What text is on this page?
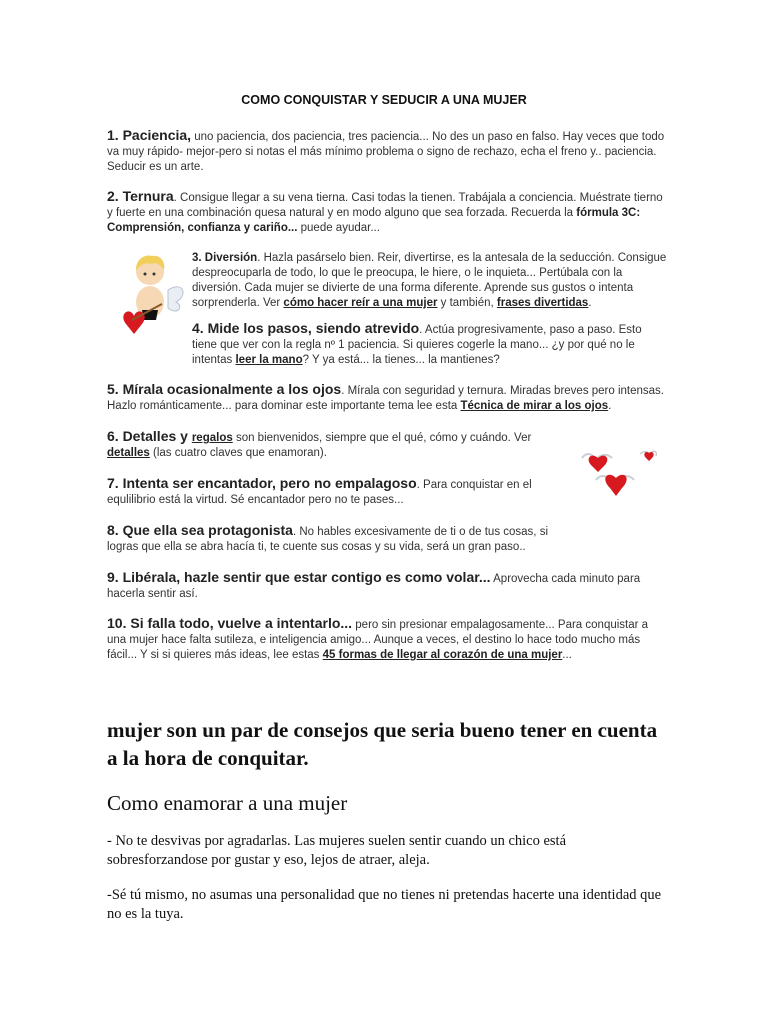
COMO CONQUISTAR Y SEDUCIR A UNA MUJER
1. Paciencia, uno paciencia, dos paciencia, tres paciencia... No des un paso en falso. Hay veces que todo va muy rápido- mejor-pero si notas el más mínimo problema o signo de rechazo, echa el freno y.. paciencia. Seducir es un arte.
2. Ternura. Consigue llegar a su vena tierna. Casi todas la tienen. Trabájala a conciencia. Muéstrate tierno y fuerte en una combinación quesa natural y en modo alguno que sea forzada. Recuerda la fórmula 3C: Comprensión, confianza y cariño... puede ayudar...
3. Diversión. Hazla pasárselo bien. Reir, divertirse, es la antesala de la seducción. Consigue despreocuparla de todo, lo que le preocupa, le hiere, o le inquieta... Pertúbala con la diversión. Cada mujer se divierte de una forma diferente. Aprende sus gustos o intenta sorprenderla. Ver cómo hacer reír a una mujer y también, frases divertidas.
4. Mide los pasos, siendo atrevido. Actúa progresivamente, paso a paso. Esto tiene que ver con la regla nº 1 paciencia. Si quieres cogerle la mano... ¿y por qué no le intentas leer la mano? Y ya está... la tienes... la mantienes?
5. Mírala ocasionalmente a los ojos. Mírala con seguridad y ternura. Miradas breves pero intensas. Hazlo románticamente... para dominar este importante tema lee esta Técnica de mirar a los ojos.
6. Detalles y regalos son bienvenidos, siempre que el qué, cómo y cuándo. Ver detalles (las cuatro claves que enamoran).
7. Intenta ser encantador, pero no empalagoso. Para conquistar en el equlilibrio está la virtud. Sé encantador pero no te pases...
8. Que ella sea protagonista. No hables excesivamente de ti o de tus cosas, si logras que ella se abra hacía ti, te cuente sus cosas y su vida, será un gran paso..
9. Libérala, hazle sentir que estar contigo es como volar... Aprovecha cada minuto para hacerla sentir así.
10. Si falla todo, vuelve a intentarlo... pero sin presionar empalagosamente... Para conquistar a una mujer hace falta sutileza, e inteligencia amigo... Aunque a veces, el destino lo hace todo mucho más fácil... Y si si quieres más ideas, lee estas 45 formas de llegar al corazón de una mujer...
mujer son un par de consejos que seria bueno tener en cuenta a la hora de conquitar.
Como enamorar a una mujer
- No te desvivas por agradarlas. Las mujeres suelen sentir cuando un chico está sobresforzandose por gustar y eso, lejos de atraer, aleja.
-Sé tú mismo, no asumas una personalidad que no tienes ni pretendas hacerte una identidad que no es la tuya.
